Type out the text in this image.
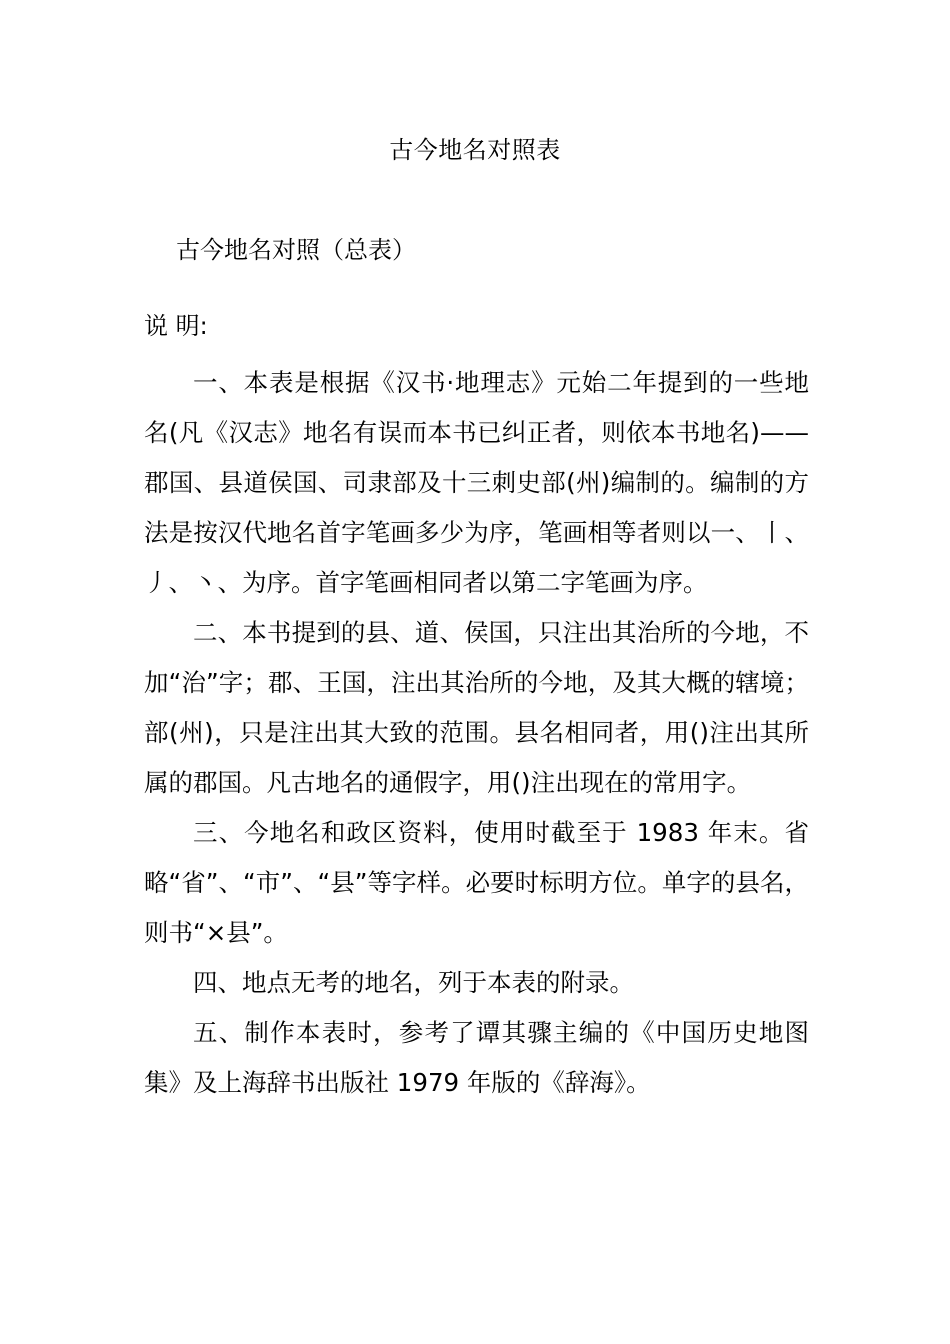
古今地名对照表
古今地名对照（总表）
说 明:

一、本表是根据《汉书·地理志》元始二年提到的一些地名(凡《汉志》地名有误而本书已纠正者，则依本书地名)——郡国、县道侯国、司隶部及十三刺史部(州)编制的。编制的方法是按汉代地名首字笔画多少为序，笔画相等者则以一、丨、丿、丶、为序。首字笔画相同者以第二字笔画为序。

二、本书提到的县、道、侯国，只注出其治所的今地，不加“治”字；郡、王国，注出其治所的今地，及其大概的辖境；部(州)，只是注出其大致的范围。县名相同者，用()注出其所属的郡国。凡古地名的通假字，用()注出现在的常用字。

三、今地名和政区资料，使用时截至于 1983 年末。省略“省”、“市”、“县”等字样。必要时标明方位。单字的县名，则书“×县”。

四、地点无考的地名，列于本表的附录。

五、制作本表时，参考了谭其骤主编的《中国历史地图集》及上海辞书出版社 1979 年版的《辞海》。
